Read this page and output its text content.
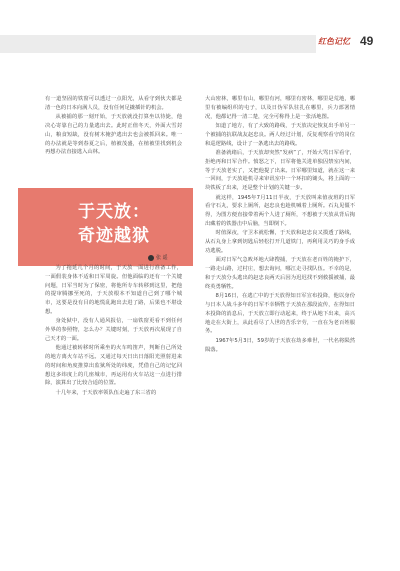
红色记忆 49

有一道坚固的铁窗可以透过一点阳光，从看守到伙夫都是清一色的日本向满人员，没有任何足撬插针的机会。

从被捕的那一刻开始，于天放就没打算坐以待毙，他决心寄靠自己的力量逃出去。此时正值冬天，外面大雪封山，粮食短缺，没有树木掩护逃出去也会被抓回来。唯一的办法就是等到春夏之后，植被茂盛，在植被里找到机会再想办法直接逃入山林。

于天放：
奇迹越狱
张 遥

为了拖延几个月的时间，于天放一面进行准备工作，一面假装身体不适和日军周旋。但他面临的还有一个关键问题，日军当时为了保密，将他所专车转移到这里，把他的提审腾挪至死的，于天放根本不知道自己到了哪个城市，这要是没有目的地慌乱跑出去进了路，后果也不堪设想。

身处狱中，没有人通风报信，一扇铁窗更看不到任何外界的参照物，怎么办？关键时刻，于天放再次展现了自己天才的一面。

他通过被转移时所乘坐的火车鸣笛声，判断自己所处的地方离火车站不远。又通过每天日出日落阳光照射进来的时间和角度推算出监狱所处的纬度，凭借自己的记忆回想这多纬度上的几座城市，再运用有火车站这一点进行排除，演算出了比较合适的位置。

十几年来，于天放率领队伍走遍了东三省的

大山密林，哪里有山，哪里有河，哪里有密林，哪里是荒地，哪里有被编组织的屯子，以及日伪军队驻扎在哪里，兵力部署情况，他都记得一清二楚，完全可称得上是一张活地图。

知道了地方，有了大致的路线，于天放决定恢复出手单另一个被捕的抗联战友赵忠良。两人经过计划，反复观察看守的岗位和巡逻路线，设计了一条逃出去的路线。

准备就绪后，于天放却突然“发病”了，开始大骂日军看守，拒绝再和日军合作。愤怒之下，日军将他关进单独囚禁室内间，等于天放老实了，又把他提了出来。日军哪里知道，就在这一来一回间，于天放趁机寻来审讯室中一个环扣的锄头，将上面的一块铁板了出来，还是整个计划的关键一步。

就这样，1945年7月11日半夜，于天放叫来值夜班的日军看守石丸，要求上厕所，赵忠良也趁机喊着上厕所。石丸见僵不得，为图方便直接带着两个人进了厕所，不想被于天放从背后掏出藏着的铁器击中后脑，当即倒下。

时值深夜，守卫本就松懈，于天放和赵忠良又摸透了路线，从石丸身上拿到钥匙后轻松打开几道铁门，再利用灵巧的身手成功逃脱。

面对日军气急败坏地大肆搜捕，于天放在老百姓的掩护下，一路走山路，过村庄，想去询问，哪江走寻找队伍。不幸的是，和于天放分头逃出的赵忠良两天后因为迟迟找不到救援被捕，最终英勇牺牲。

8月16日，在逃亡中的于天放得知日军宣布投降，他以身份与日本人战斗多年的日军不幸牺牲于天放在那段流传，在得知日本投降的消息后，于天放立即行动起来，终于从地下出来，高兴地走在大街上，从此看尽了人世的苦乐辛劳，一直在为老百姓服务。

1967年5月3日，59岁的于天放在劫多难世，一代名将陨然陨落。
